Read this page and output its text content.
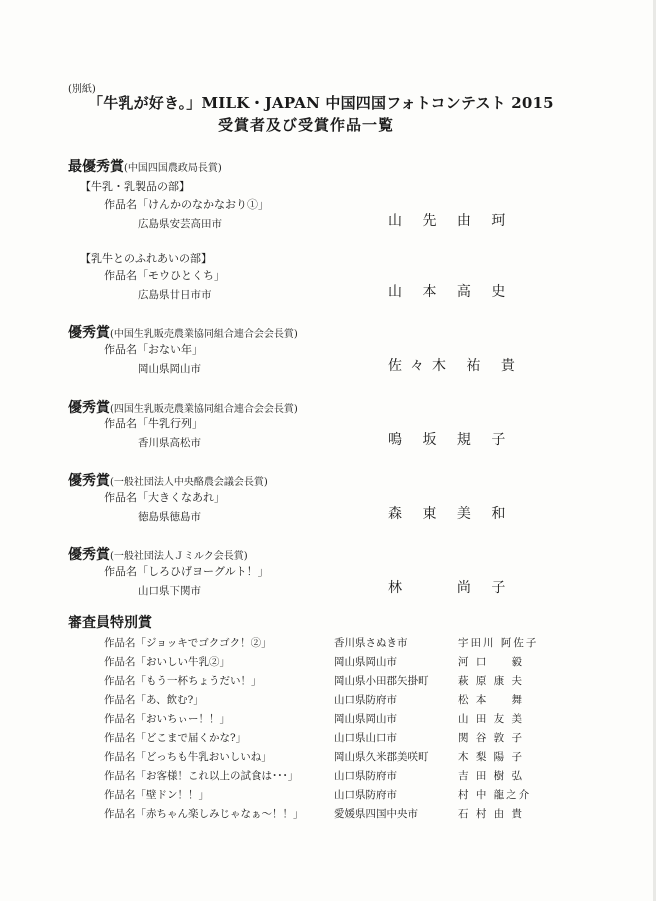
(別紙)
「牛乳が好き。」MILK・JAPAN 中国四国フォトコンテスト 2015
受賞者及び受賞作品一覧
最優秀賞(中国四国農政局長賞)
【牛乳・乳製品の部】
作品名「けんかのなかなおり①」
広島県安芸高田市	山 先 由 珂
【乳牛とのふれあいの部】
作品名「モウひとくち」
広島県廿日市市	山 本 高 史
優秀賞(中国生乳販売農業協同組合連合会会長賞)
作品名「おない年」
岡山県岡山市	佐々木 祐 貴
優秀賞(四国生乳販売農業協同組合連合会会長賞)
作品名「牛乳行列」
香川県高松市	鳴 坂 規 子
優秀賞(一般社団法人中央酪農会議会長賞)
作品名「大きくなあれ」
徳島県徳島市	森 東 美 和
優秀賞(一般社団法人Ｊミルク会長賞)
作品名「しろひげヨーグルト！」
山口県下関市	林 　 尚 子
審査員特別賞
作品名「ジョッキでゴクゴク！②」	香川県さぬき市	宇田川 阿佐子
作品名「おいしい牛乳②」	岡山県岡山市	河 口 　 毅
作品名「もう一杯ちょうだい！」	岡山県小田郡矢掛町	萩 原 康 夫
作品名「あ、飲む?」	山口県防府市	松 本 　 舞
作品名「おいちぃー！！」	岡山県岡山市	山 田 友 美
作品名「どこまで届くかな?」	山口県山口市	関 谷 敦 子
作品名「どっちも牛乳おいしいね」	岡山県久米郡美咲町	木 梨 陽 子
作品名「お客様！これ以上の試食は･･･」	山口県防府市	吉 田 樹 弘
作品名「壁ドン！！」	山口県防府市	村 中 龍之介
作品名「赤ちゃん楽しみじゃなぁ〜！！」	愛媛県四国中央市	石 村 由 貴
